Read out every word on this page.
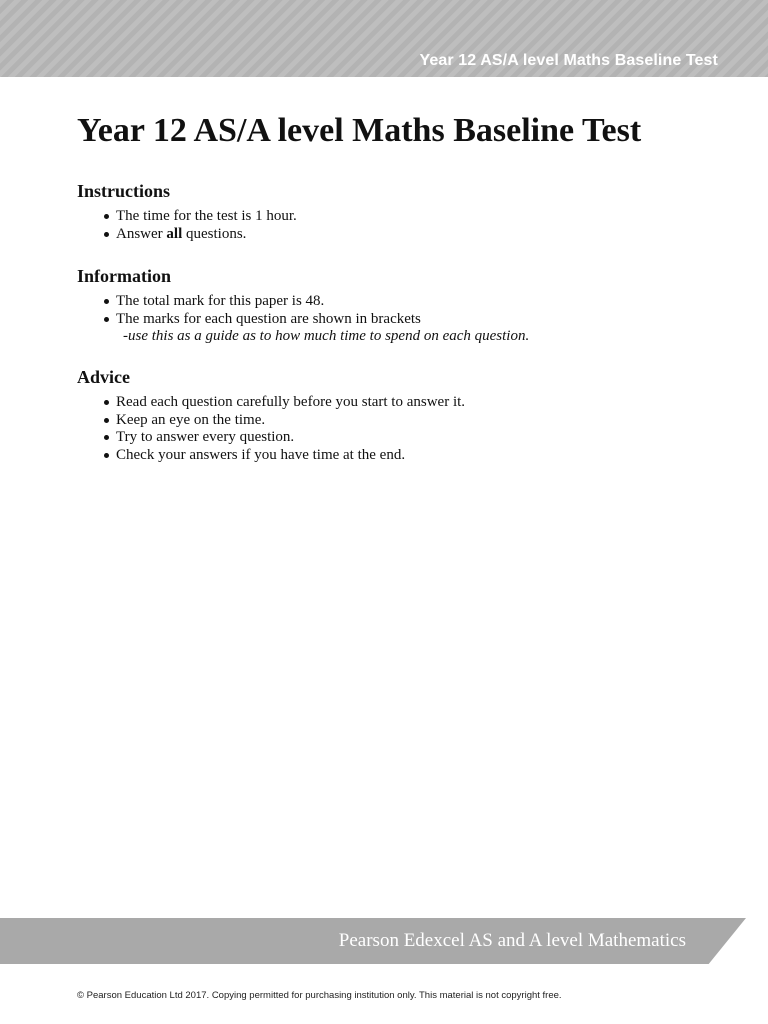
Year 12 AS/A level Maths Baseline Test
Year 12 AS/A level Maths Baseline Test
Instructions
The time for the test is 1 hour.
Answer all questions.
Information
The total mark for this paper is 48.
The marks for each question are shown in brackets
-use this as a guide as to how much time to spend on each question.
Advice
Read each question carefully before you start to answer it.
Keep an eye on the time.
Try to answer every question.
Check your answers if you have time at the end.
Pearson Edexcel AS and A level Mathematics
© Pearson Education Ltd 2017. Copying permitted for purchasing institution only. This material is not copyright free.
